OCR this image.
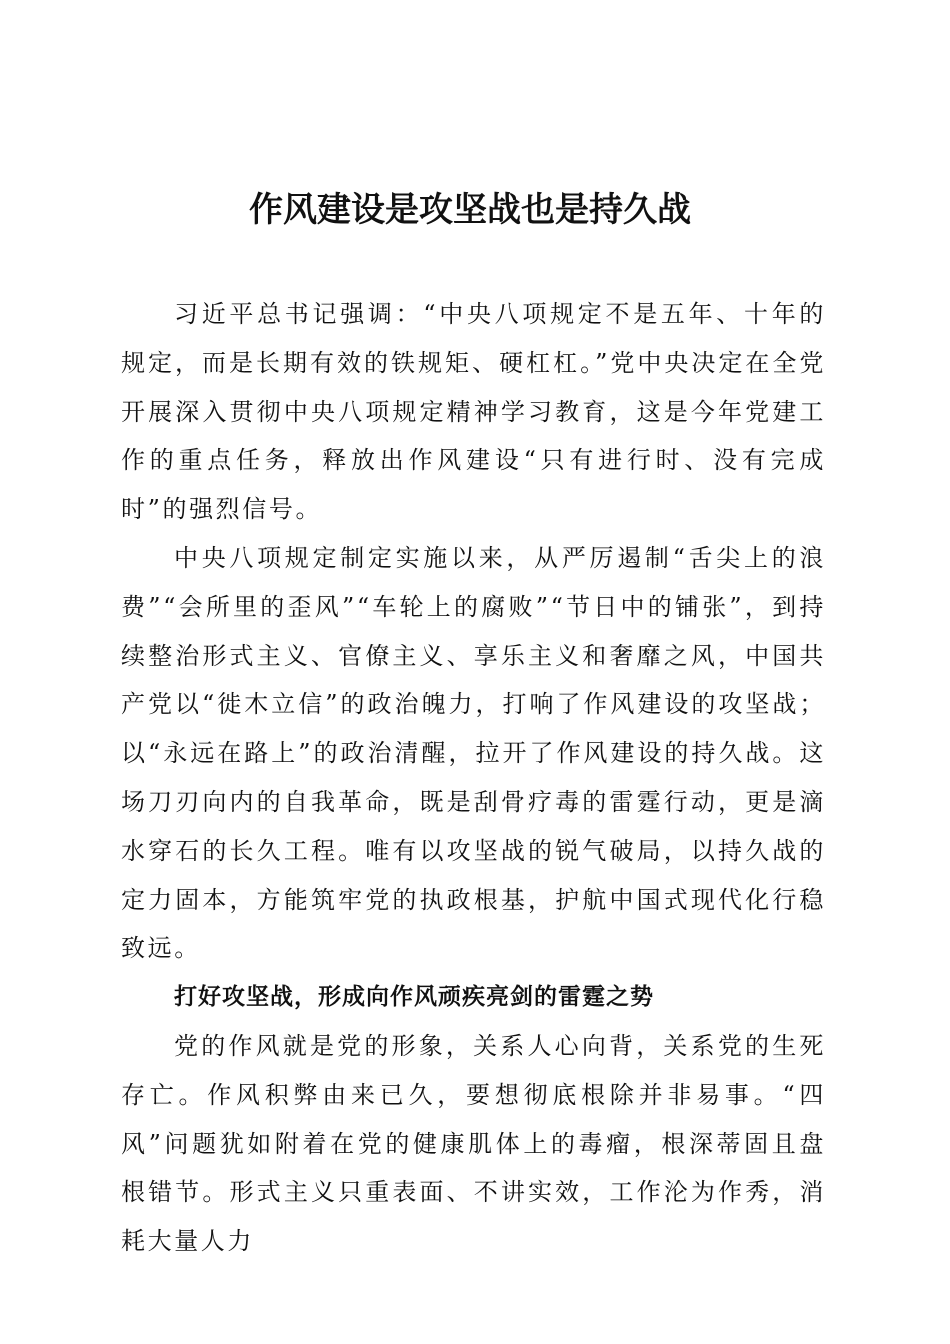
作风建设是攻坚战也是持久战

习近平总书记强调：“中央八项规定不是五年、十年的规定，而是长期有效的铁规矩、硬杠杠。”党中央决定在全党开展深入贯彻中央八项规定精神学习教育，这是今年党建工作的重点任务，释放出作风建设“只有进行时、没有完成时”的强烈信号。

中央八项规定制定实施以来，从严厉遏制“舌尖上的浪费”“会所里的歪风”“车轮上的腐败”“节日中的铺张”，到持续整治形式主义、官僚主义、享乐主义和奢靡之风，中国共产党以“徙木立信”的政治魄力，打响了作风建设的攻坚战；以“永远在路上”的政治清醒，拉开了作风建设的持久战。这场刀刃向内的自我革命，既是刮骨疗毒的雷霆行动，更是滴水穿石的长久工程。唯有以攻坚战的锐气破局，以持久战的定力固本，方能筑牢党的执政根基，护航中国式现代化行稳致远。

打好攻坚战，形成向作风顽疾亮剑的雷霆之势

党的作风就是党的形象，关系人心向背，关系党的生死存亡。作风积弊由来已久，要想彻底根除并非易事。“四风”问题犹如附着在党的健康肌体上的毒瘤，根深蒂固且盘根错节。形式主义只重表面、不讲实效，工作沦为作秀，消耗大量人力
